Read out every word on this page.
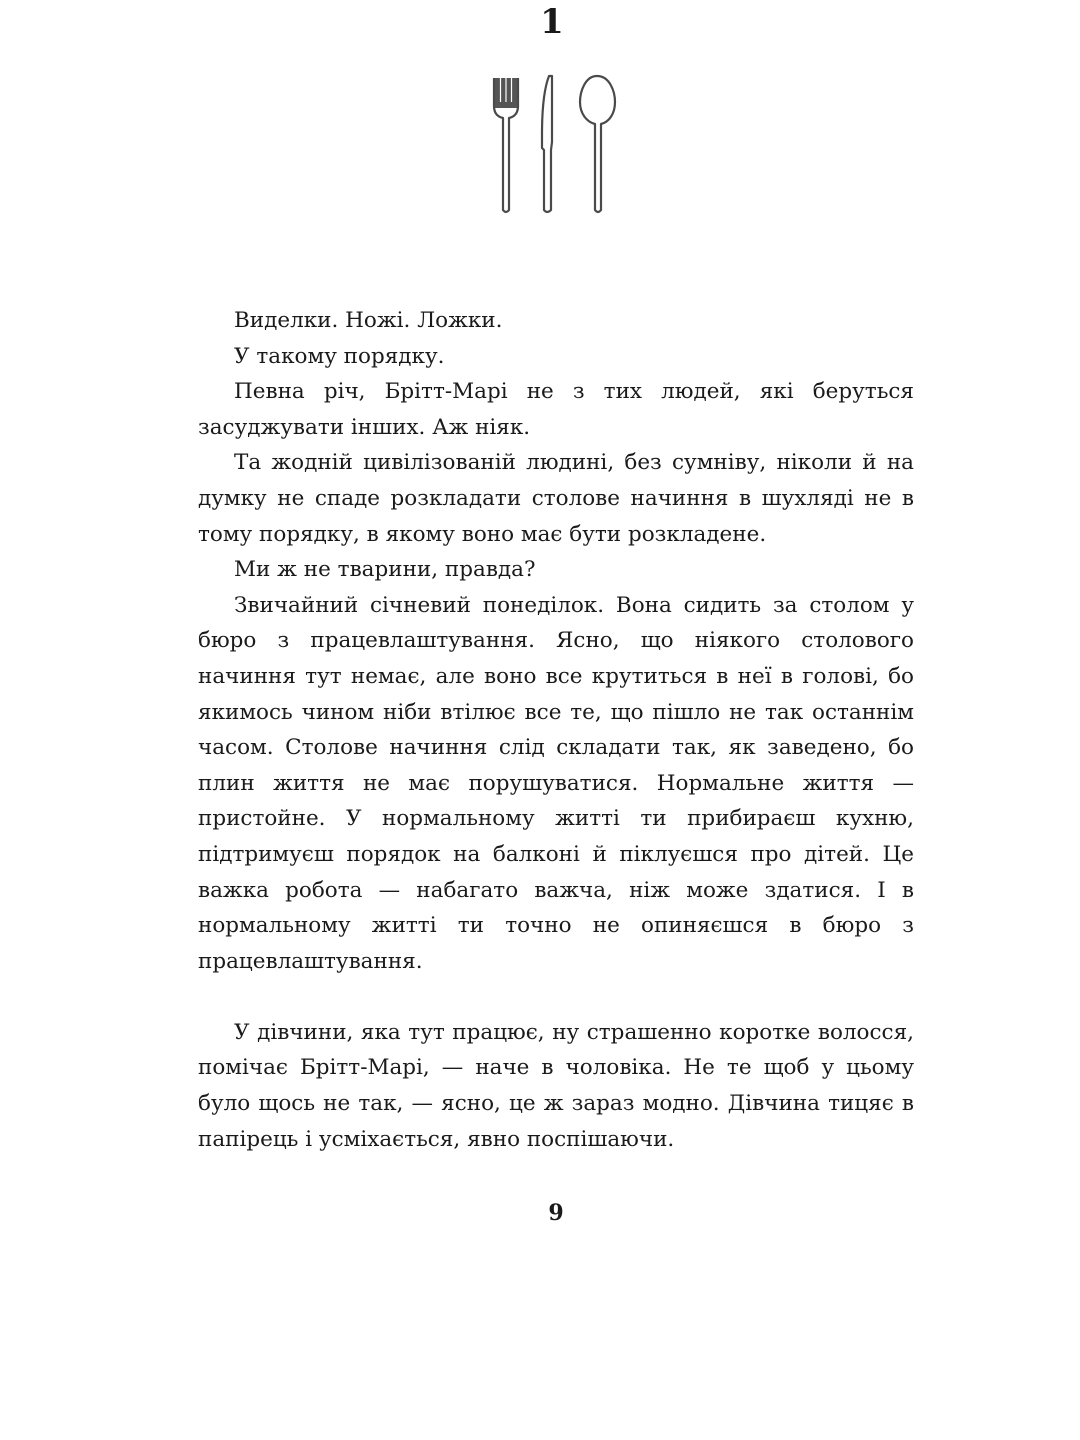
1

Виделки. Ножі. Ложки.

У такому порядку.

Певна річ, Брітт-Марі не з тих людей, які беруться засуджувати інших. Аж ніяк.

Та жодній цивілізованій людині, без сумніву, ніколи й на думку не спаде розкладати столове начиння в шухляді не в тому порядку, в якому воно має бути розкладене.

Ми ж не тварини, правда?

Звичайний січневий понеділок. Вона сидить за столом у бюро з працевлаштування. Ясно, що ніякого столового начиння тут немає, але воно все крутиться в неї в голові, бо якимось чином ніби втілює все те, що пішло не так останнім часом. Столове начиння слід складати так, як заведено, бо плин життя не має порушуватися. Нормальне життя — пристойне. У нормальному житті ти прибираєш кухню, підтримуєш порядок на балконі й піклуєшся про дітей. Це важка робота — набагато важча, ніж може здатися. І в нормальному житті ти точно не опиняєшся в бюро з працевлаштування.

У дівчини, яка тут працює, ну страшенно коротке волосся, помічає Брітт-Марі, — наче в чоловіка. Не те щоб у цьому було щось не так, — ясно, це ж зараз модно. Дівчина тицяє в папірець і усміхається, явно поспішаючи.

9
